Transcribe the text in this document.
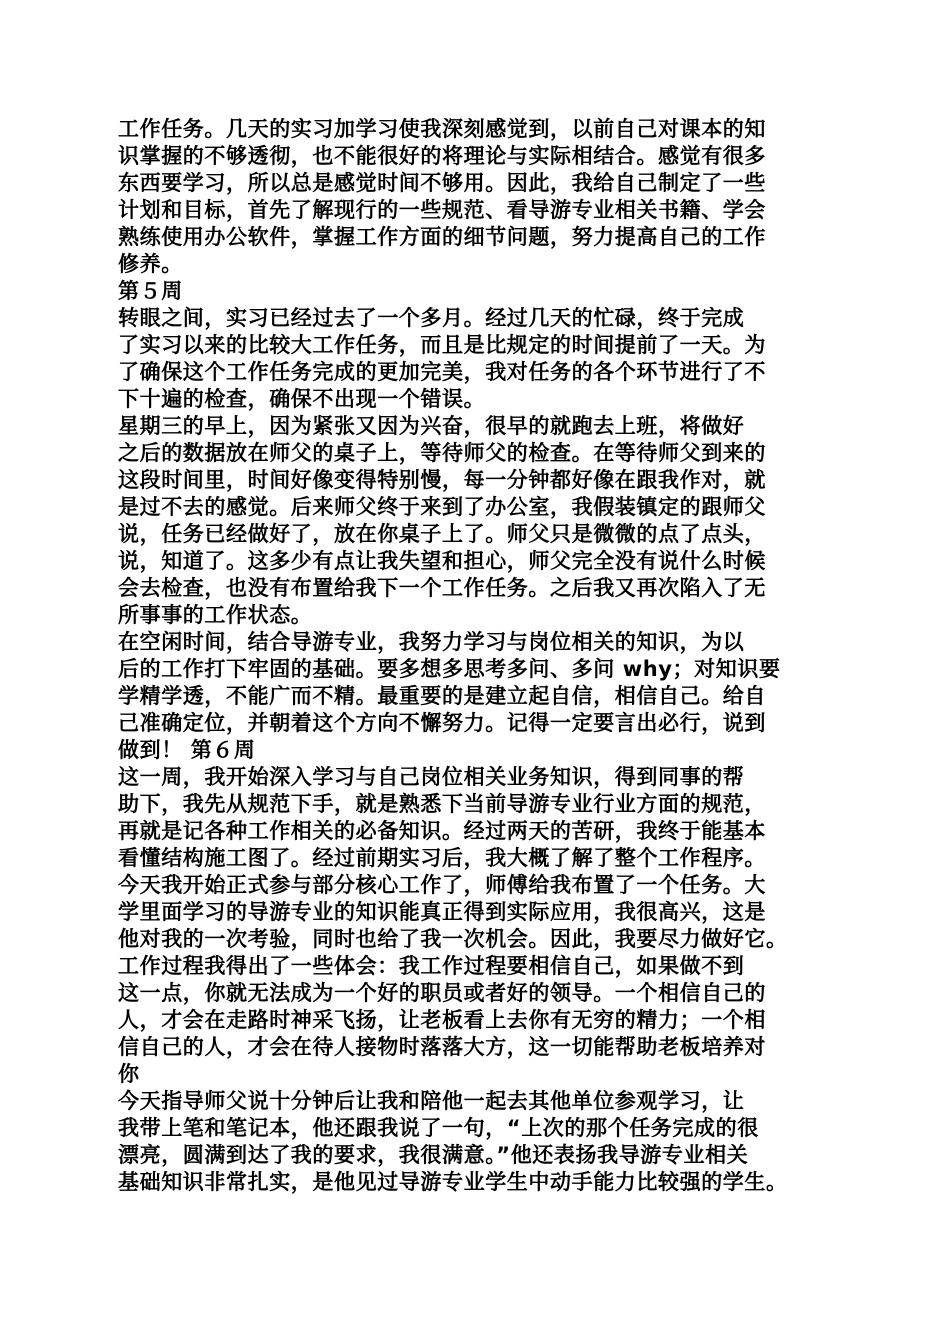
工作任务。几天的实习加学习使我深刻感觉到，以前自己对课本的知
识掌握的不够透彻，也不能很好的将理论与实际相结合。感觉有很多
东西要学习，所以总是感觉时间不够用。因此，我给自己制定了一些
计划和目标，首先了解现行的一些规范、看导游专业相关书籍、学会
熟练使用办公软件，掌握工作方面的细节问题，努力提高自己的工作
修养。
第５周
转眼之间，实习已经过去了一个多月。经过几天的忙碌，终于完成
了实习以来的比较大工作任务，而且是比规定的时间提前了一天。为
了确保这个工作任务完成的更加完美，我对任务的各个环节进行了不
下十遍的检查，确保不出现一个错误。
星期三的早上，因为紧张又因为兴奋，很早的就跑去上班，将做好
之后的数据放在师父的桌子上，等待师父的检查。在等待师父到来的
这段时间里，时间好像变得特别慢，每一分钟都好像在跟我作对，就
是过不去的感觉。后来师父终于来到了办公室，我假装镇定的跟师父
说，任务已经做好了，放在你桌子上了。师父只是微微的点了点头，
说，知道了。这多少有点让我失望和担心，师父完全没有说什么时候
会去检查，也没有布置给我下一个工作任务。之后我又再次陷入了无
所事事的工作状态。
在空闲时间，结合导游专业，我努力学习与岗位相关的知识，为以
后的工作打下牢固的基础。要多想多思考多问、多问 why；对知识要
学精学透，不能广而不精。最重要的是建立起自信，相信自己。给自
己准确定位，并朝着这个方向不懈努力。记得一定要言出必行，说到
做到！ 第６周
这一周，我开始深入学习与自己岗位相关业务知识，得到同事的帮
助下，我先从规范下手，就是熟悉下当前导游专业行业方面的规范，
再就是记各种工作相关的必备知识。经过两天的苦研，我终于能基本
看懂结构施工图了。经过前期实习后，我大概了解了整个工作程序。
今天我开始正式参与部分核心工作了，师傅给我布置了一个任务。大
学里面学习的导游专业的知识能真正得到实际应用，我很高兴，这是
他对我的一次考验，同时也给了我一次机会。因此，我要尽力做好它。
工作过程我得出了一些体会：我工作过程要相信自己，如果做不到
这一点，你就无法成为一个好的职员或者好的领导。一个相信自己的
人，才会在走路时神采飞扬，让老板看上去你有无穷的精力；一个相
信自己的人，才会在待人接物时落落大方，这一切能帮助老板培养对
你
今天指导师父说十分钟后让我和陪他一起去其他单位参观学习，让
我带上笔和笔记本，他还跟我说了一句，“上次的那个任务完成的很
漂亮，圆满到达了我的要求，我很满意。”他还表扬我导游专业相关
基础知识非常扎实，是他见过导游专业学生中动手能力比较强的学生。
